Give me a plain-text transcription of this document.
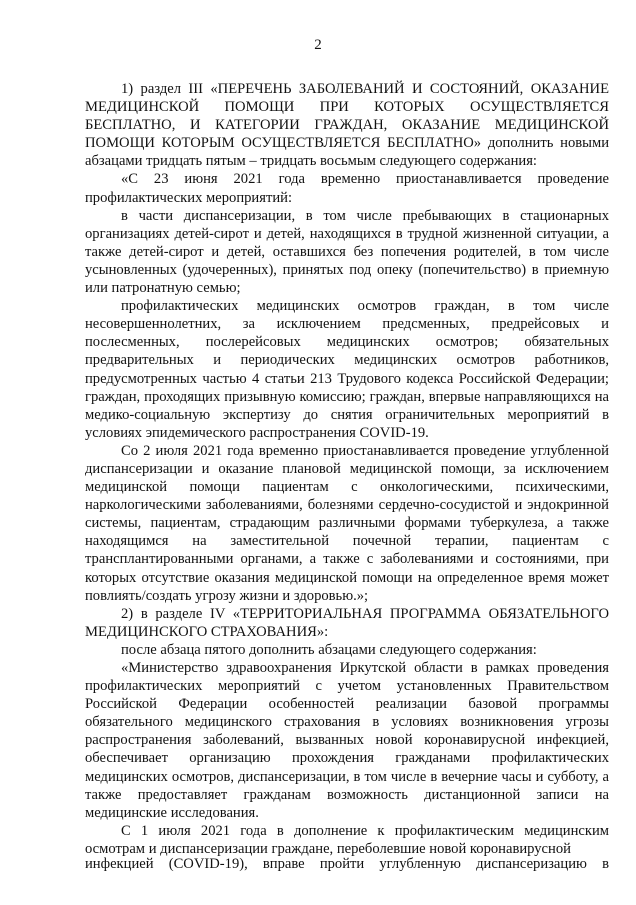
2

1) раздел III «ПЕРЕЧЕНЬ ЗАБОЛЕВАНИЙ И СОСТОЯНИЙ, ОКАЗАНИЕ МЕДИЦИНСКОЙ ПОМОЩИ ПРИ КОТОРЫХ ОСУЩЕСТВЛЯЕТСЯ БЕСПЛАТНО, И КАТЕГОРИИ ГРАЖДАН, ОКАЗАНИЕ МЕДИЦИНСКОЙ ПОМОЩИ КОТОРЫМ ОСУЩЕСТВЛЯЕТСЯ БЕСПЛАТНО» дополнить новыми абзацами тридцать пятым – тридцать восьмым следующего содержания:

«С 23 июня 2021 года временно приостанавливается проведение профилактических мероприятий:

в части диспансеризации, в том числе пребывающих в стационарных организациях детей-сирот и детей, находящихся в трудной жизненной ситуации, а также детей-сирот и детей, оставшихся без попечения родителей, в том числе усыновленных (удочеренных), принятых под опеку (попечительство) в приемную или патронатную семью;

профилактических медицинских осмотров граждан, в том числе несовершеннолетних, за исключением предсменных, предрейсовых и послесменных, послерейсовых медицинских осмотров; обязательных предварительных и периодических медицинских осмотров работников, предусмотренных частью 4 статьи 213 Трудового кодекса Российской Федерации; граждан, проходящих призывную комиссию; граждан, впервые направляющихся на медико-социальную экспертизу до снятия ограничительных мероприятий в условиях эпидемического распространения COVID-19.

Со 2 июля 2021 года временно приостанавливается проведение углубленной диспансеризации и оказание плановой медицинской помощи, за исключением медицинской помощи пациентам с онкологическими, психическими, наркологическими заболеваниями, болезнями сердечно-сосудистой и эндокринной системы, пациентам, страдающим различными формами туберкулеза, а также находящимся на заместительной почечной терапии, пациентам с трансплантированными органами, а также с заболеваниями и состояниями, при которых отсутствие оказания медицинской помощи на определенное время может повлиять/создать угрозу жизни и здоровью.»;

2) в разделе IV «ТЕРРИТОРИАЛЬНАЯ ПРОГРАММА ОБЯЗАТЕЛЬНОГО МЕДИЦИНСКОГО СТРАХОВАНИЯ»:

после абзаца пятого дополнить абзацами следующего содержания:

«Министерство здравоохранения Иркутской области в рамках проведения профилактических мероприятий с учетом установленных Правительством Российской Федерации особенностей реализации базовой программы обязательного медицинского страхования в условиях возникновения угрозы распространения заболеваний, вызванных новой коронавирусной инфекцией, обеспечивает организацию прохождения гражданами профилактических медицинских осмотров, диспансеризации, в том числе в вечерние часы и субботу, а также предоставляет гражданам возможность дистанционной записи на медицинские исследования.

С 1 июля 2021 года в дополнение к профилактическим медицинским осмотрам и диспансеризации граждане, переболевшие новой коронавирусной

инфекцией (COVID-19), вправе пройти углубленную диспансеризацию в
